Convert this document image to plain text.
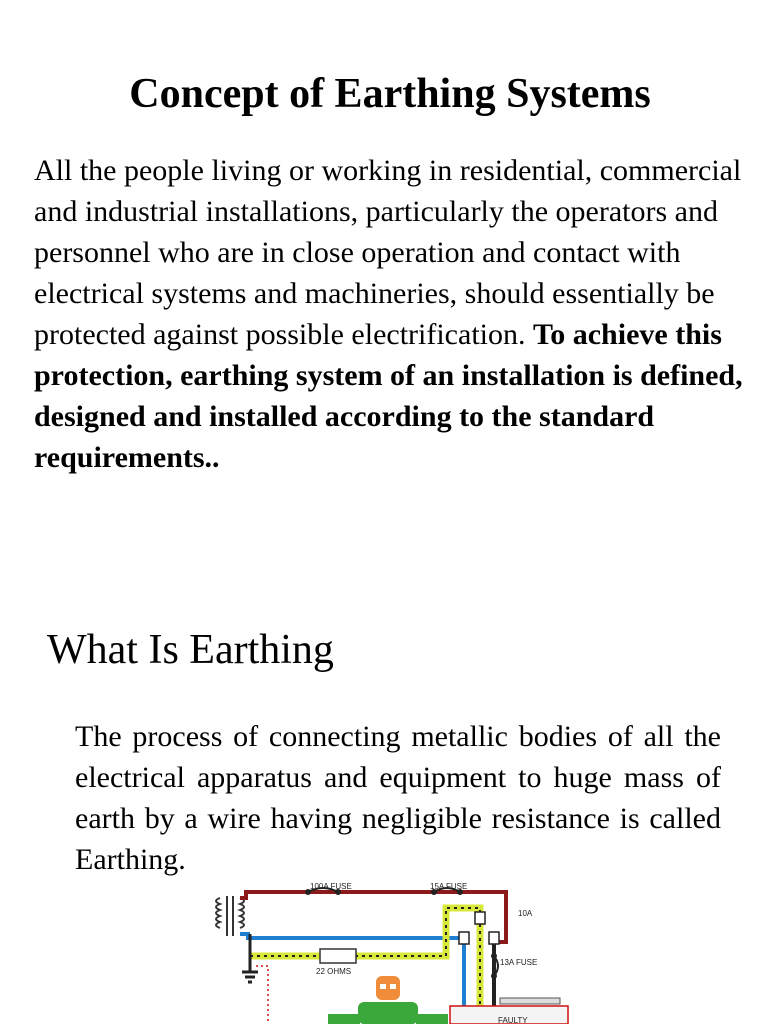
Concept of Earthing Systems

All the people living or working in residential, commercial and industrial installations, particularly the operators and personnel who are in close operation and contact with electrical systems and machineries, should essentially be protected against possible electrification. To achieve this protection, earthing system of an installation is defined, designed and installed according to the standard requirements..

What Is Earthing

The process of connecting metallic bodies of all the electrical apparatus and equipment to huge mass of earth by a wire having negligible resistance is called Earthing.

100A FUSE	15A FUSE
10A
13A FUSE
22 OHMS
FAULTY
